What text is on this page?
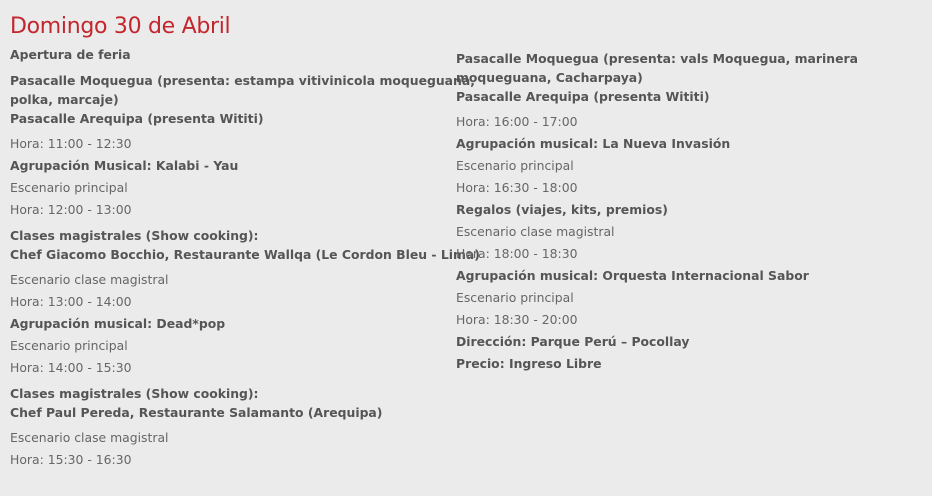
Domingo 30 de Abril
Apertura de feria
Pasacalle Moquegua (presenta: estampa vitivinicola moqueguana,
polka, marcaje)
Pasacalle Arequipa (presenta Wititi)
Hora: 11:00 - 12:30
Agrupación Musical: Kalabi - Yau
Escenario principal
Hora: 12:00 - 13:00
Clases magistrales (Show cooking):
Chef Giacomo Bocchio, Restaurante Wallqa (Le Cordon Bleu - Lima)
Escenario clase magistral
Hora: 13:00 - 14:00
Agrupación musical: Dead*pop
Escenario principal
Hora: 14:00 - 15:30
Clases magistrales (Show cooking):
Chef Paul Pereda, Restaurante Salamanto (Arequipa)
Escenario clase magistral
Hora: 15:30 - 16:30
Pasacalle Moquegua (presenta: vals Moquegua, marinera
moqueguana, Cacharpaya)
Pasacalle Arequipa (presenta Wititi)
Hora: 16:00 - 17:00
Agrupación musical: La Nueva Invasión
Escenario principal
Hora: 16:30 - 18:00
Regalos (viajes, kits, premios)
Escenario clase magistral
Hora: 18:00 - 18:30
Agrupación musical: Orquesta Internacional Sabor
Escenario principal
Hora: 18:30 - 20:00
Dirección: Parque Perú – Pocollay
Precio: Ingreso Libre
